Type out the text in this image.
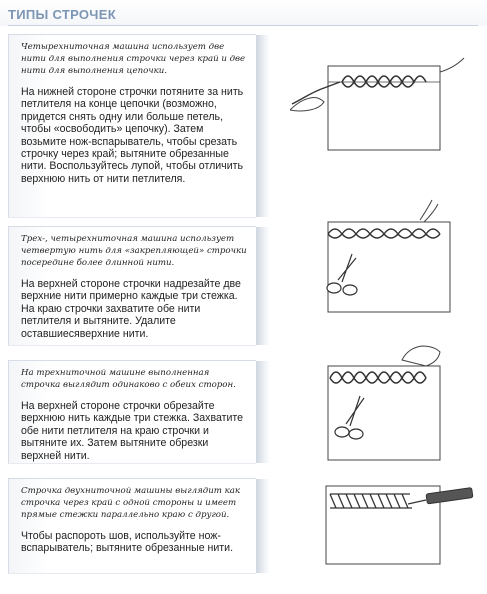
ТИПЫ СТРОЧЕК
Четырехниточная машина использует две нити для выполнения строчки через край и две нити для выполнения цепочки.
На нижней стороне строчки потяните за нить петлителя на конце цепочки (возможно, придется снять одну или больше петель, чтобы «освободить» цепочку). Затем возьмите нож-вспарыватель, чтобы срезать строчку через край; вытяните обрезанные нити. Воспользуйтесь лупой, чтобы отличить верхнюю нить от нити петлителя.
Трех-, четырехниточная машина использует четвертую нить для «закрепляющей» строчки посередине более длинной нити.
На верхней стороне строчки надрезайте две верхние нити примерно каждые три стежка. На краю строчки захватите обе нити петлителя и вытяните. Удалите оставшиесяверхние нити.
На трехниточной машине выполненная строчка выглядит одинаково с обеих сторон.
На верхней стороне строчки обрезайте верхнюю нить каждые три стежка. Захватите обе нити петлителя на краю строчки и вытяните их. Затем вытяните обрезки верхней нити.
Строчка двухниточной машины выглядит как строчка через край с одной стороны и имеет прямые стежки параллельно краю с другой.
Чтобы распороть шов, используйте нож-вспарыватель; вытяните обрезанные нити.
